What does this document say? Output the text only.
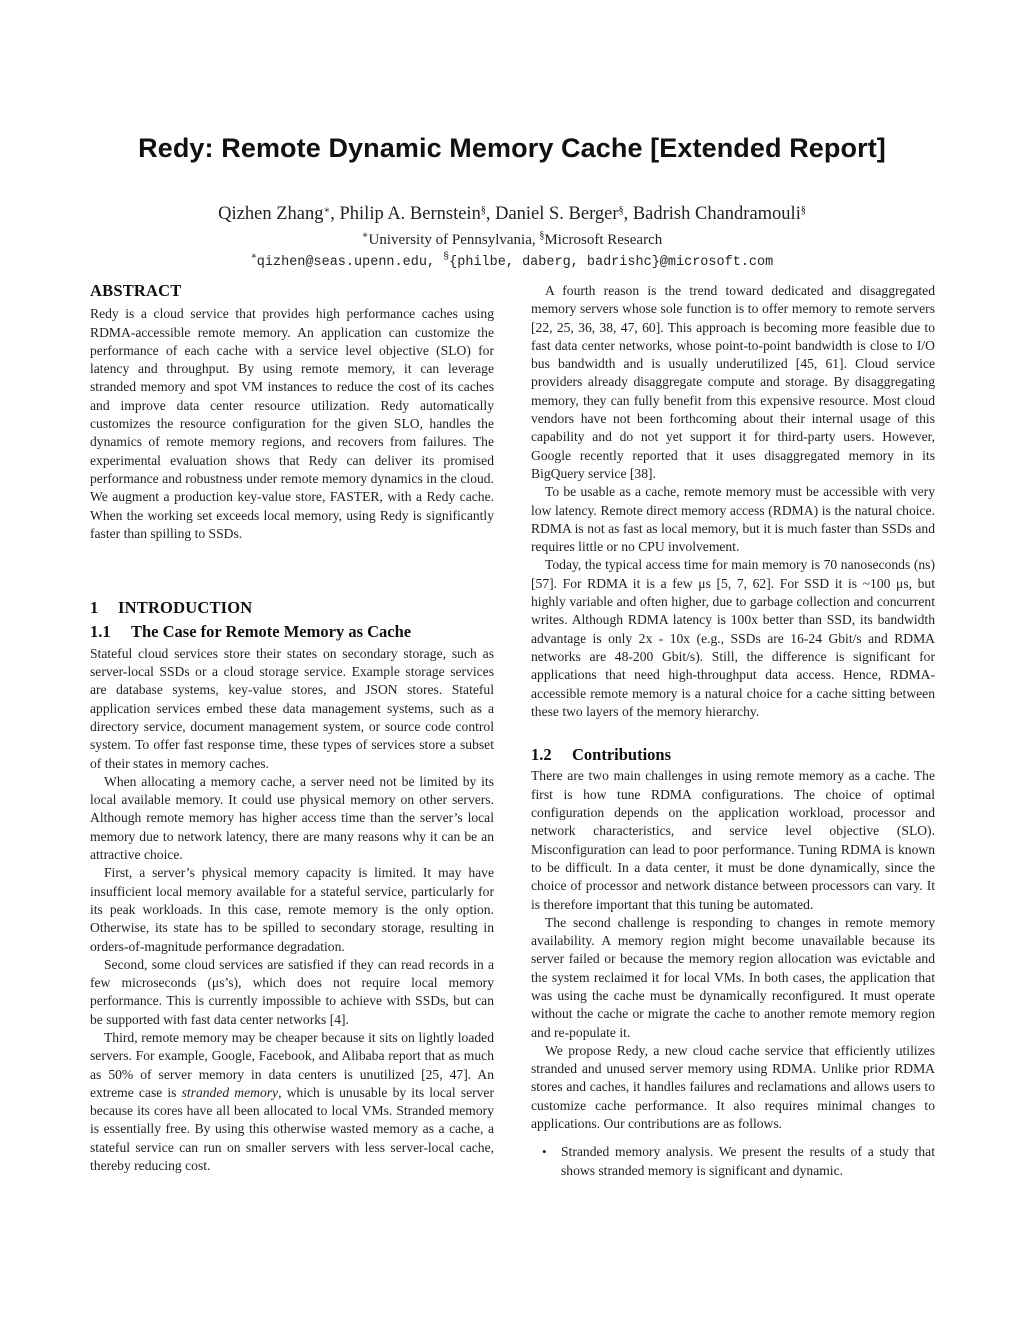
Redy: Remote Dynamic Memory Cache [Extended Report]
Qizhen Zhang∗, Philip A. Bernstein§, Daniel S. Berger§, Badrish Chandramouli§
∗University of Pennsylvania, §Microsoft Research
∗qizhen@seas.upenn.edu, §{philbe, daberg, badrishc}@microsoft.com
ABSTRACT

Redy is a cloud service that provides high performance caches using RDMA-accessible remote memory. An application can customize the performance of each cache with a service level objective (SLO) for latency and throughput. By using remote memory, it can leverage stranded memory and spot VM instances to reduce the cost of its caches and improve data center resource utilization. Redy automatically customizes the resource configuration for the given SLO, handles the dynamics of remote memory regions, and recovers from failures. The experimental evaluation shows that Redy can deliver its promised performance and robustness under remote memory dynamics in the cloud. We augment a production key-value store, FASTER, with a Redy cache. When the working set exceeds local memory, using Redy is significantly faster than spilling to SSDs.

1 INTRODUCTION
1.1 The Case for Remote Memory as Cache

Stateful cloud services store their states on secondary storage, such as server-local SSDs or a cloud storage service. Example storage services are database systems, key-value stores, and JSON stores. Stateful application services embed these data management systems, such as a directory service, document management system, or source code control system. To offer fast response time, these types of services store a subset of their states in memory caches.

When allocating a memory cache, a server need not be limited by its local available memory. It could use physical memory on other servers. Although remote memory has higher access time than the server’s local memory due to network latency, there are many reasons why it can be an attractive choice.

First, a server’s physical memory capacity is limited. It may have insufficient local memory available for a stateful service, particularly for its peak workloads. In this case, remote memory is the only option. Otherwise, its state has to be spilled to secondary storage, resulting in orders-of-magnitude performance degradation.

Second, some cloud services are satisfied if they can read records in a few microseconds (μs’s), which does not require local memory performance. This is currently impossible to achieve with SSDs, but can be supported with fast data center networks [4].

Third, remote memory may be cheaper because it sits on lightly loaded servers. For example, Google, Facebook, and Alibaba report that as much as 50% of server memory in data centers is unutilized [25, 47]. An extreme case is stranded memory, which is unusable by its local server because its cores have all been allocated to local VMs. Stranded memory is essentially free. By using this otherwise wasted memory as a cache, a stateful service can run on smaller servers with less server-local cache, thereby reducing cost.

A fourth reason is the trend toward dedicated and disaggregated memory servers whose sole function is to offer memory to remote servers [22, 25, 36, 38, 47, 60]. This approach is becoming more feasible due to fast data center networks, whose point-to-point bandwidth is close to I/O bus bandwidth and is usually underutilized [45, 61]. Cloud service providers already disaggregate compute and storage. By disaggregating memory, they can fully benefit from this expensive resource. Most cloud vendors have not been forthcoming about their internal usage of this capability and do not yet support it for third-party users. However, Google recently reported that it uses disaggregated memory in its BigQuery service [38].

To be usable as a cache, remote memory must be accessible with very low latency. Remote direct memory access (RDMA) is the natural choice. RDMA is not as fast as local memory, but it is much faster than SSDs and requires little or no CPU involvement.

Today, the typical access time for main memory is 70 nanoseconds (ns) [57]. For RDMA it is a few μs [5, 7, 62]. For SSD it is ~100 μs, but highly variable and often higher, due to garbage collection and concurrent writes. Although RDMA latency is 100x better than SSD, its bandwidth advantage is only 2x - 10x (e.g., SSDs are 16-24 Gbit/s and RDMA networks are 48-200 Gbit/s). Still, the difference is significant for applications that need high-throughput data access. Hence, RDMA-accessible remote memory is a natural choice for a cache sitting between these two layers of the memory hierarchy.

1.2 Contributions

There are two main challenges in using remote memory as a cache. The first is how tune RDMA configurations. The choice of optimal configuration depends on the application workload, processor and network characteristics, and service level objective (SLO). Misconfiguration can lead to poor performance. Tuning RDMA is known to be difficult. In a data center, it must be done dynamically, since the choice of processor and network distance between processors can vary. It is therefore important that this tuning be automated.

The second challenge is responding to changes in remote memory availability. A memory region might become unavailable because its server failed or because the memory region allocation was evictable and the system reclaimed it for local VMs. In both cases, the application that was using the cache must be dynamically reconfigured. It must operate without the cache or migrate the cache to another remote memory region and re-populate it.

We propose Redy, a new cloud cache service that efficiently utilizes stranded and unused server memory using RDMA. Unlike prior RDMA stores and caches, it handles failures and reclamations and allows users to customize cache performance. It also requires minimal changes to applications. Our contributions are as follows.

• Stranded memory analysis. We present the results of a study that shows stranded memory is significant and dynamic.
